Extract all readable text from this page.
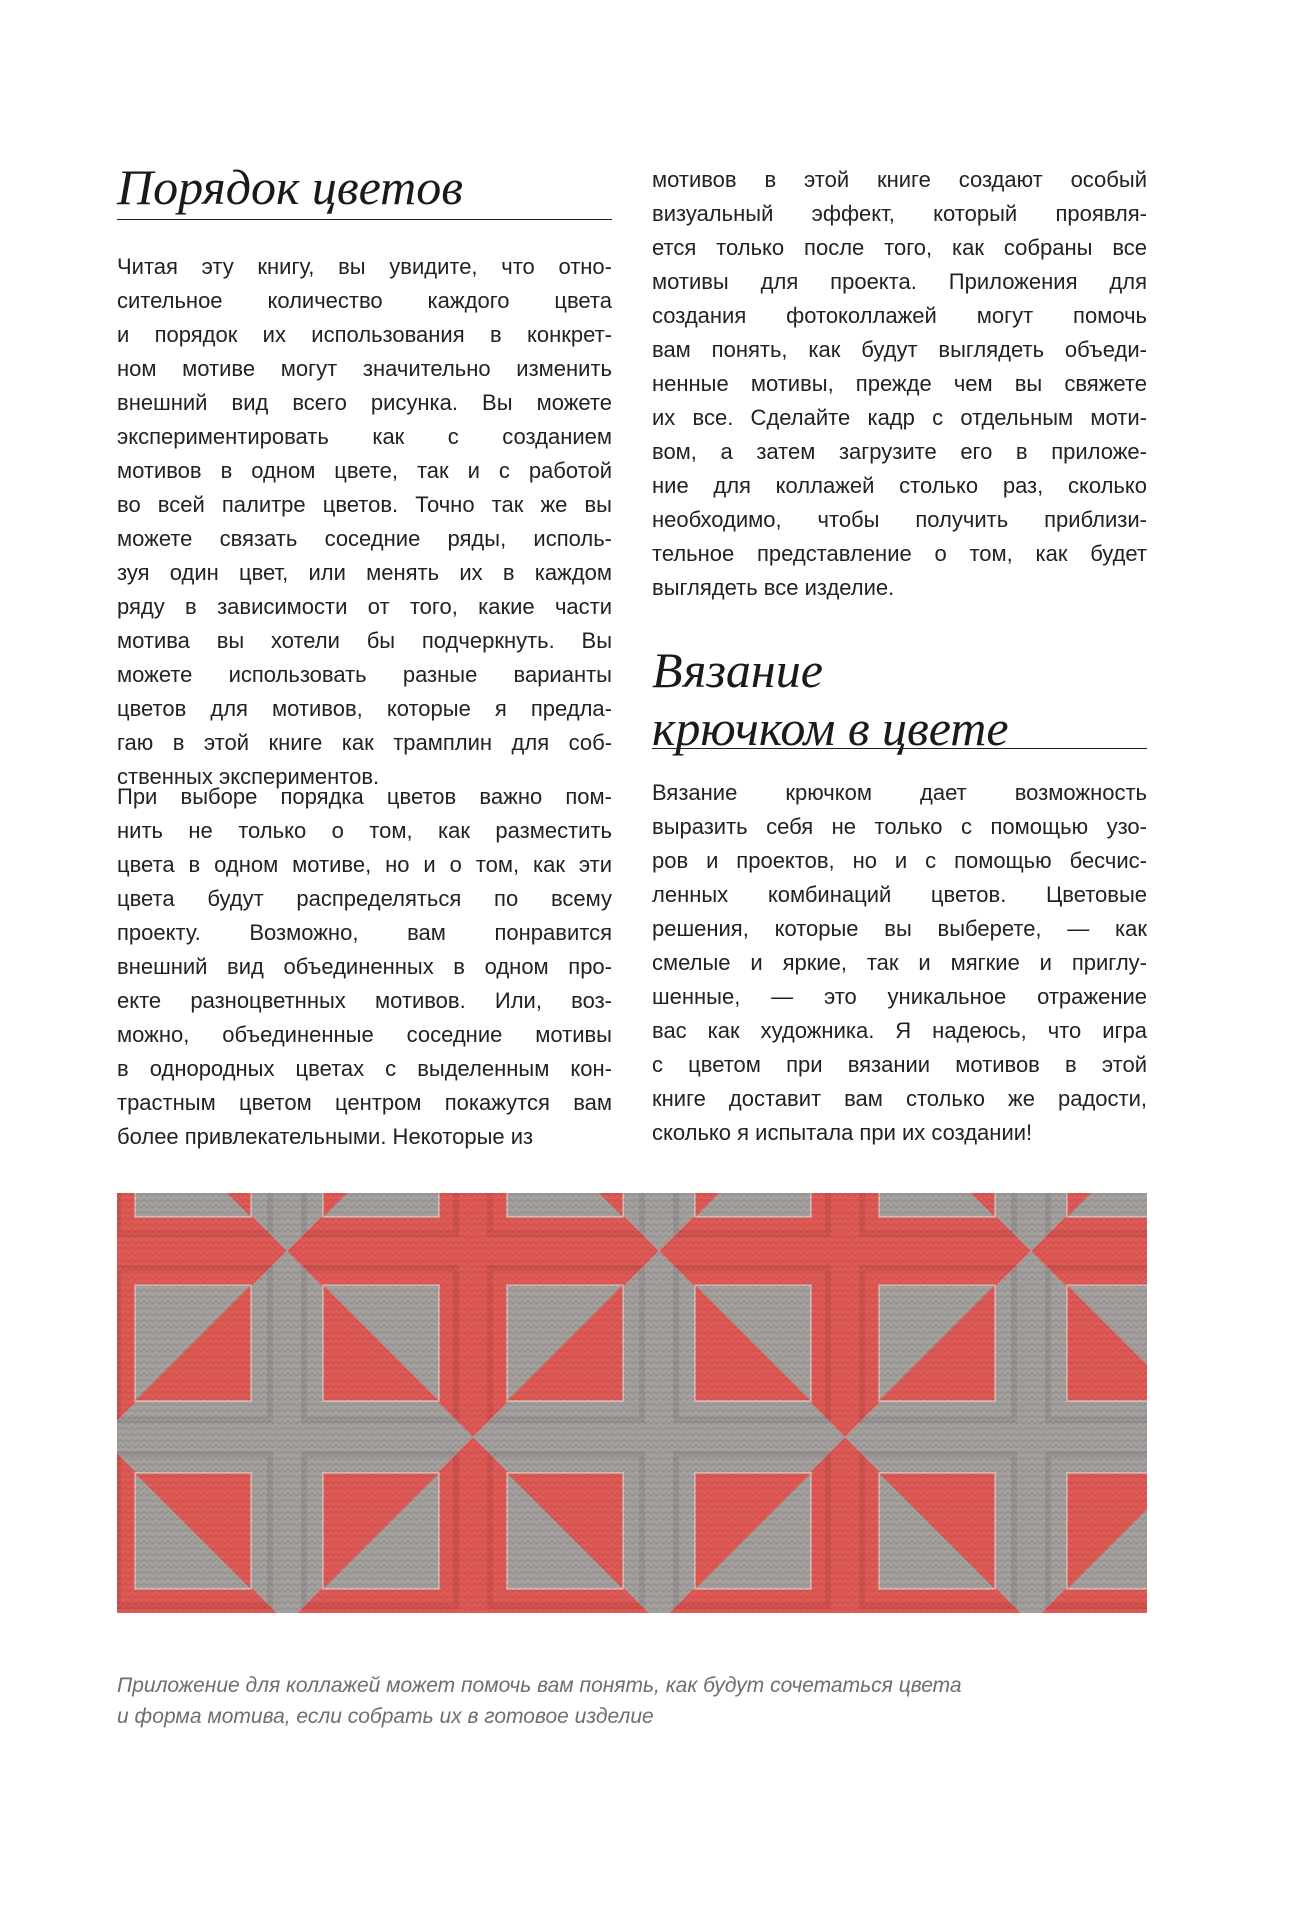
Порядок цветов
Читая эту книгу, вы увидите, что отно-
сительное количество каждого цвета
и порядок их использования в конкрет-
ном мотиве могут значительно изменить
внешний вид всего рисунка. Вы можете
экспериментировать как с созданием
мотивов в одном цвете, так и с работой
во всей палитре цветов. Точно так же вы
можете связать соседние ряды, исполь-
зуя один цвет, или менять их в каждом
ряду в зависимости от того, какие части
мотива вы хотели бы подчеркнуть. Вы
можете использовать разные варианты
цветов для мотивов, которые я предла-
гаю в этой книге как трамплин для соб-
ственных экспериментов.
При выборе порядка цветов важно пом-
нить не только о том, как разместить
цвета в одном мотиве, но и о том, как эти
цвета будут распределяться по всему
проекту. Возможно, вам понравится
внешний вид объединенных в одном про-
екте разноцветнных мотивов. Или, воз-
можно, объединенные соседние мотивы
в однородных цветах с выделенным кон-
трастным цветом центром покажутся вам
более привлекательными. Некоторые из
мотивов в этой книге создают особый
визуальный эффект, который проявля-
ется только после того, как собраны все
мотивы для проекта. Приложения для
создания фотоколлажей могут помочь
вам понять, как будут выглядеть объеди-
ненные мотивы, прежде чем вы свяжете
их все. Сделайте кадр с отдельным моти-
вом, а затем загрузите его в приложе-
ние для коллажей столько раз, сколько
необходимо, чтобы получить приблизи-
тельное представление о том, как будет
выглядеть все изделие.
Вязание
крючком в цвете
Вязание крючком дает возможность
выразить себя не только с помощью узо-
ров и проектов, но и с помощью бесчис-
ленных комбинаций цветов. Цветовые
решения, которые вы выберете, — как
смелые и яркие, так и мягкие и приглу-
шенные, — это уникальное отражение
вас как художника. Я надеюсь, что игра
с цветом при вязании мотивов в этой
книге доставит вам столько же радости,
сколько я испытала при их создании!
Приложение для коллажей может помочь вам понять, как будут сочетаться цвета
и форма мотива, если собрать их в готовое изделие
